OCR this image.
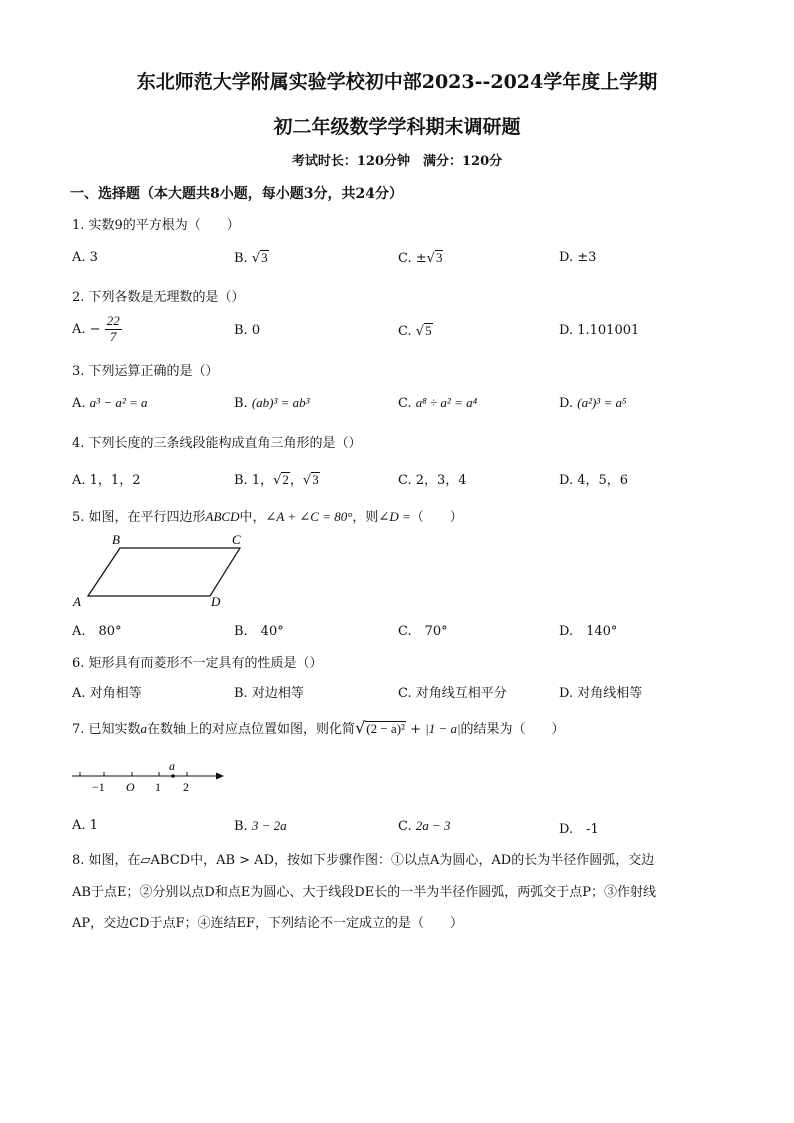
东北师范大学附属实验学校初中部2023--2024学年度上学期
初二年级数学学科期末调研题
考试时长：120分钟　满分：120分
一、选择题（本大题共8小题，每小题3分，共24分）
1. 实数9的平方根为（　　）
A. 3	B. √3	C. ±√3	D. ±3
2. 下列各数是无理数的是（）
A. − $\frac{22}{7}$	B. 0	C. √5	D. 1.101001
3. 下列运算正确的是（）
A. a³ − a² = a	B. (ab)³ = ab³	C. a⁸ ÷ a² = a⁴	D. (a²)³ = a⁵
4. 下列长度的三条线段能构成直角三角形的是（）
A. 1，1，2	B. 1，√2，√3	C. 2，3，4	D. 4，5，6
5. 如图，在平行四边形ABCD中，∠A + ∠C = 80°，则∠D =（　　）
B	C
A	D
A.　80°	B.　40°	C.　70°	D.　140°
6. 矩形具有而菱形不一定具有的性质是（）
A. 对角相等	B. 对边相等	C. 对角线互相平分	D. 对角线相等
7. 已知实数a在数轴上的对应点位置如图，则化简√(2 − a)² + |1 − a|的结果为（　　）
a
−1 O 1 2
A. 1	B. 3 − 2a	C. 2a − 3	D.　-1
8. 如图，在▱ABCD中，AB > AD，按如下步骤作图：①以点A为圆心，AD的长为半径作圆弧，交边
AB于点E；②分别以点D和点E为圆心、大于线段DE长的一半为半径作圆弧，两弧交于点P；③作射线
AP，交边CD于点F；④连结EF，下列结论不一定成立的是（　　）
